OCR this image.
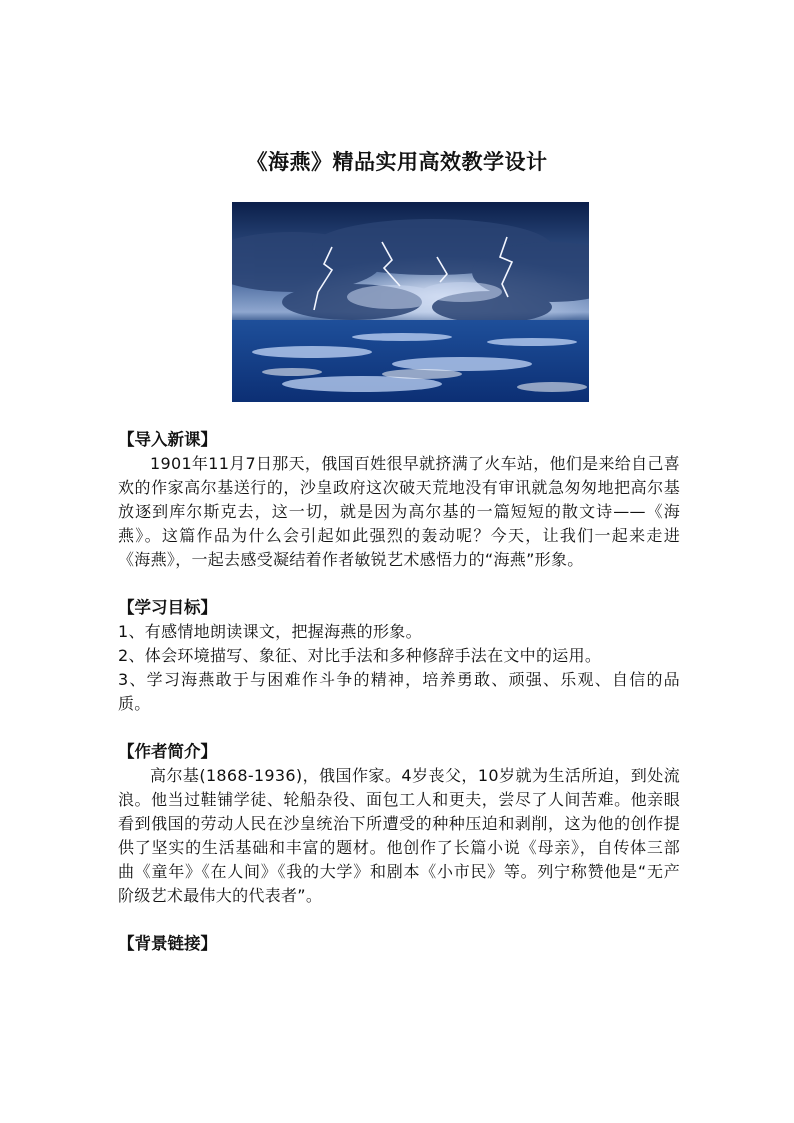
《海燕》精品实用高效教学设计

【导入新课】

1901年11月7日那天，俄国百姓很早就挤满了火车站，他们是来给自己喜欢的作家高尔基送行的，沙皇政府这次破天荒地没有审讯就急匆匆地把高尔基放逐到库尔斯克去，这一切，就是因为高尔基的一篇短短的散文诗——《海燕》。这篇作品为什么会引起如此强烈的轰动呢？今天，让我们一起来走进《海燕》，一起去感受凝结着作者敏锐艺术感悟力的“海燕”形象。

【学习目标】

1、有感情地朗读课文，把握海燕的形象。

2、体会环境描写、象征、对比手法和多种修辞手法在文中的运用。

3、学习海燕敢于与困难作斗争的精神，培养勇敢、顽强、乐观、自信的品质。

【作者简介】

高尔基(1868-1936)，俄国作家。4岁丧父，10岁就为生活所迫，到处流浪。他当过鞋铺学徒、轮船杂役、面包工人和更夫，尝尽了人间苦难。他亲眼看到俄国的劳动人民在沙皇统治下所遭受的种种压迫和剥削，这为他的创作提供了坚实的生活基础和丰富的题材。他创作了长篇小说《母亲》，自传体三部曲《童年》《在人间》《我的大学》和剧本《小市民》等。列宁称赞他是“无产阶级艺术最伟大的代表者”。

【背景链接】
